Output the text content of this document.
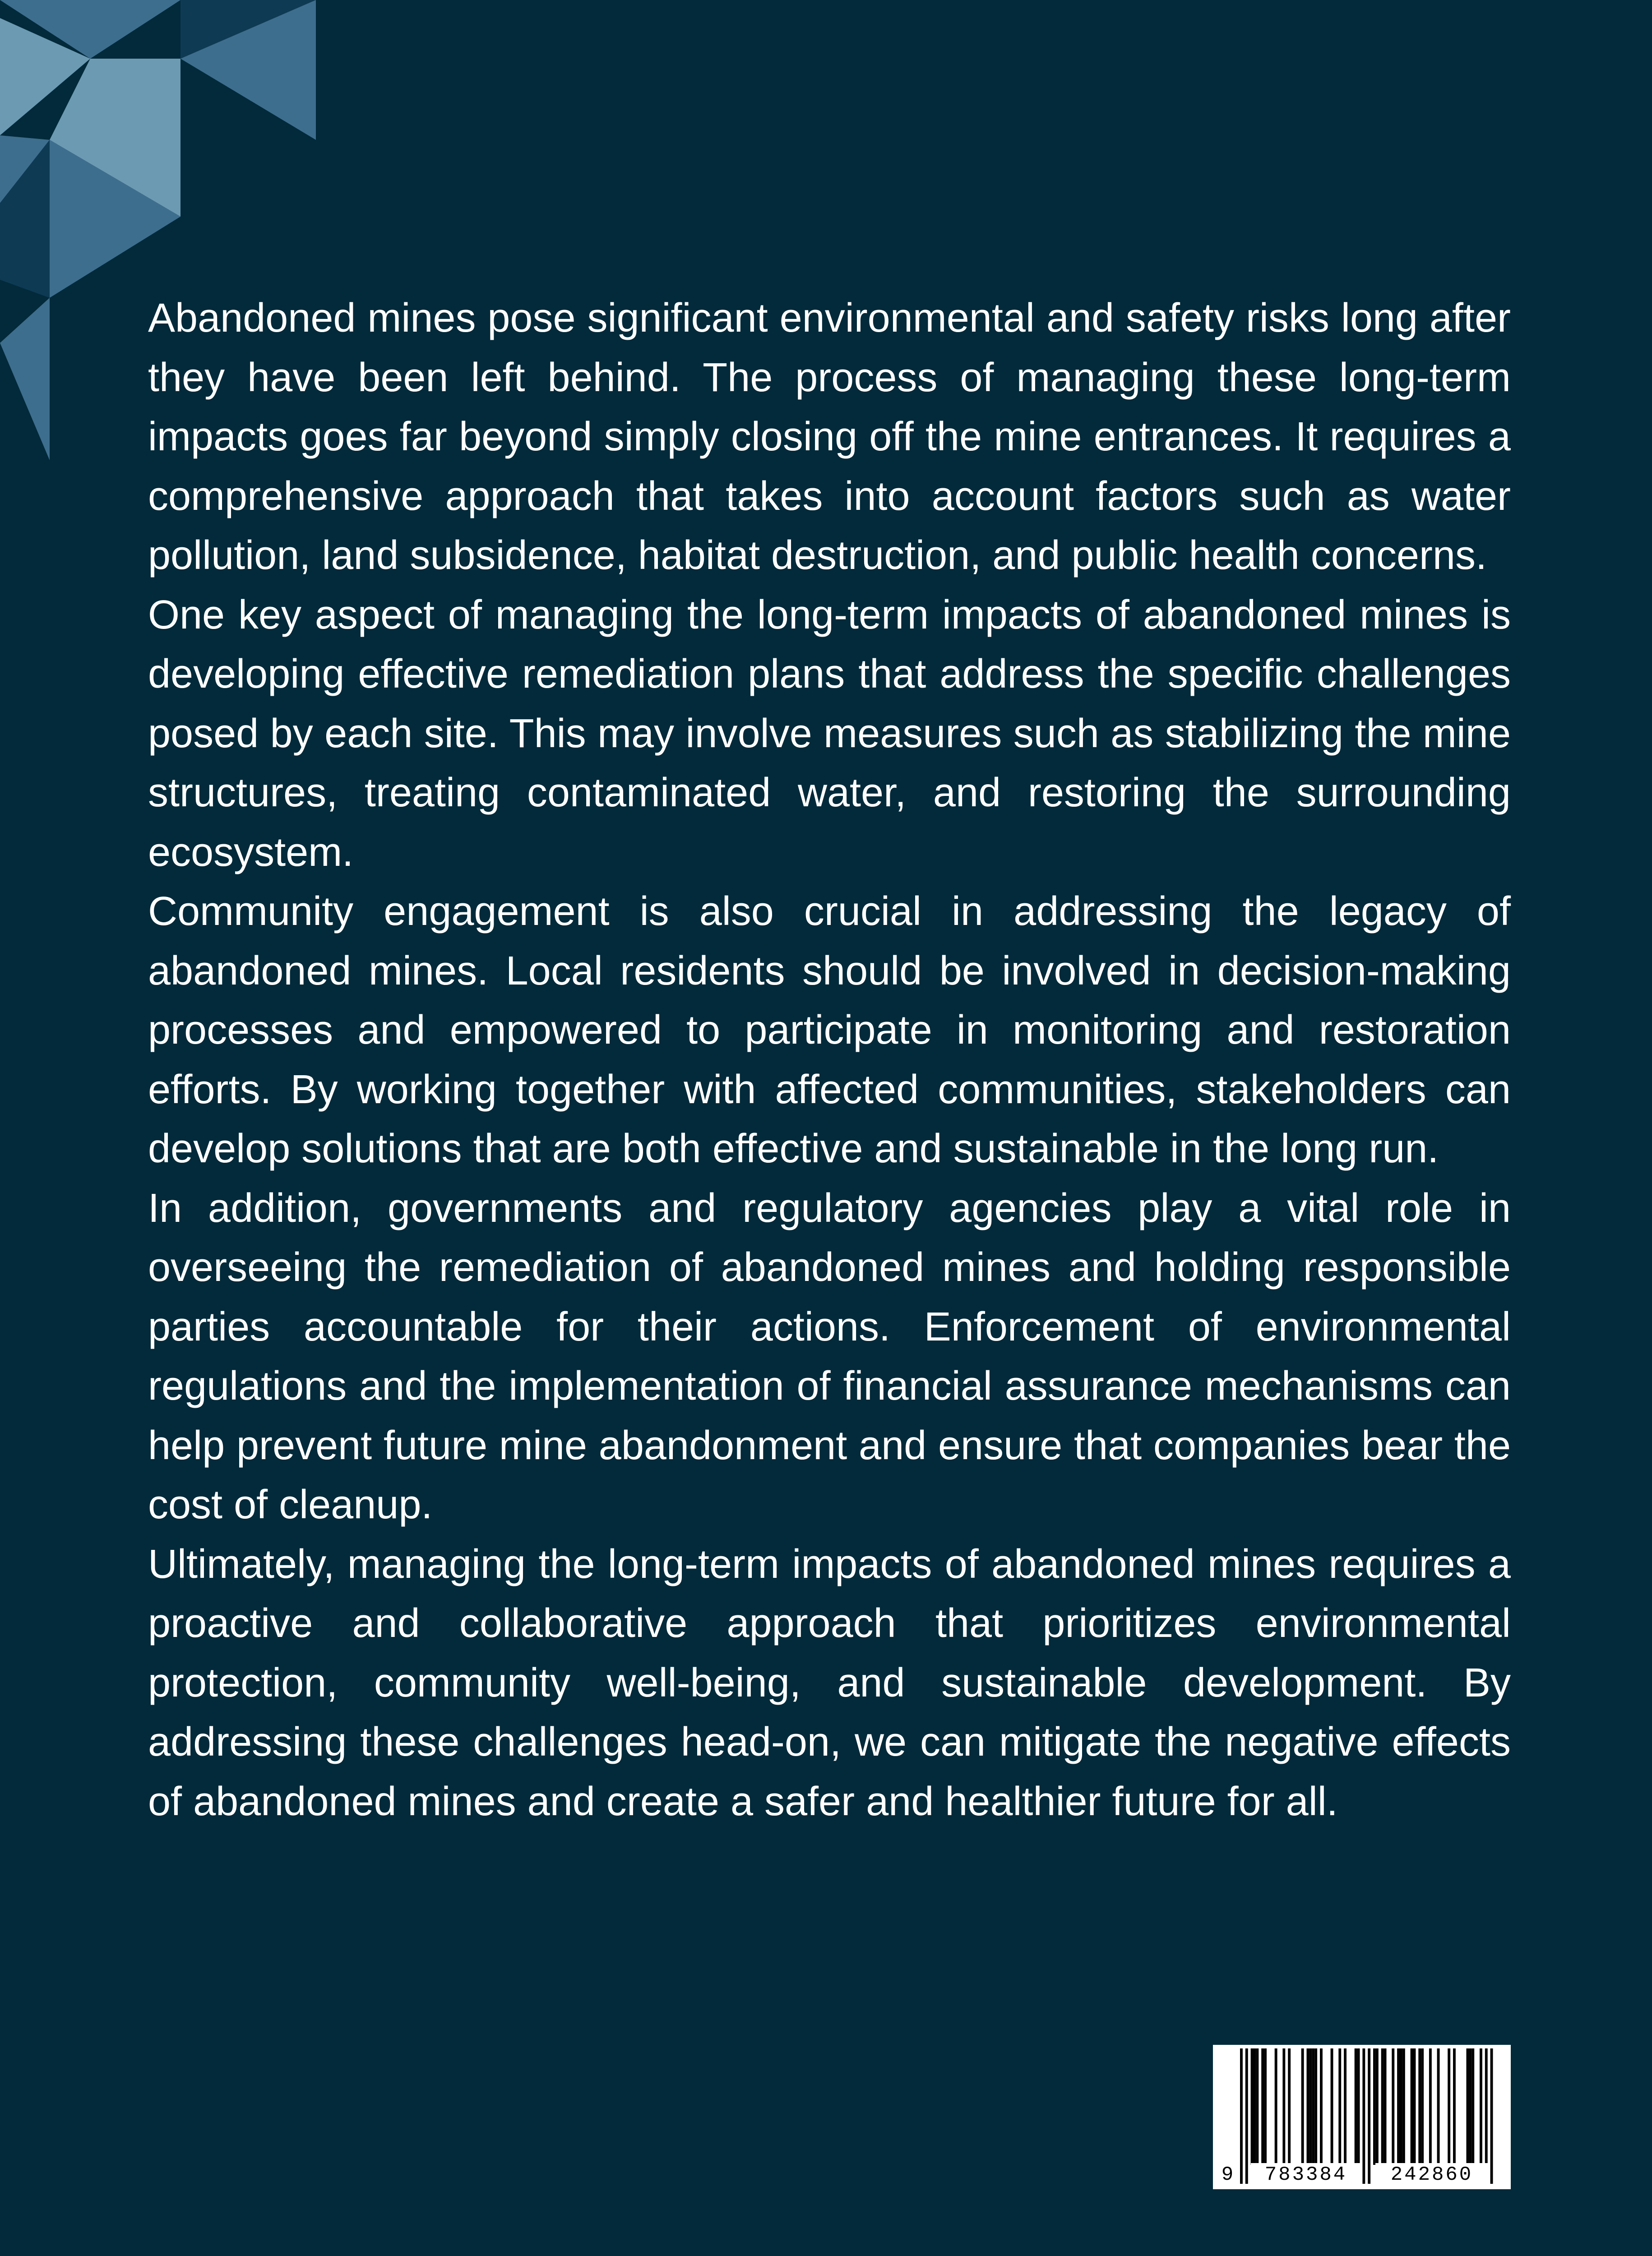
Abandoned mines pose significant environmental and safety risks long after they have been left behind. The process of managing these long-term impacts goes far beyond simply closing off the mine entrances. It requires a comprehensive approach that takes into account factors such as water pollution, land subsidence, habitat destruction, and public health concerns.

One key aspect of managing the long-term impacts of abandoned mines is developing effective remediation plans that address the specific challenges posed by each site. This may involve measures such as stabilizing the mine structures, treating contaminated water, and restoring the surrounding ecosystem.

Community engagement is also crucial in addressing the legacy of abandoned mines. Local residents should be involved in decision-making processes and empowered to participate in monitoring and restoration efforts. By working together with affected communities, stakeholders can develop solutions that are both effective and sustainable in the long run.

In addition, governments and regulatory agencies play a vital role in overseeing the remediation of abandoned mines and holding responsible parties accountable for their actions. Enforcement of environmental regulations and the implementation of financial assurance mechanisms can help prevent future mine abandonment and ensure that companies bear the cost of cleanup.

Ultimately, managing the long-term impacts of abandoned mines requires a proactive and collaborative approach that prioritizes environmental protection, community well-being, and sustainable development. By addressing these challenges head-on, we can mitigate the negative effects of abandoned mines and create a safer and healthier future for all.

9	783384	242860
